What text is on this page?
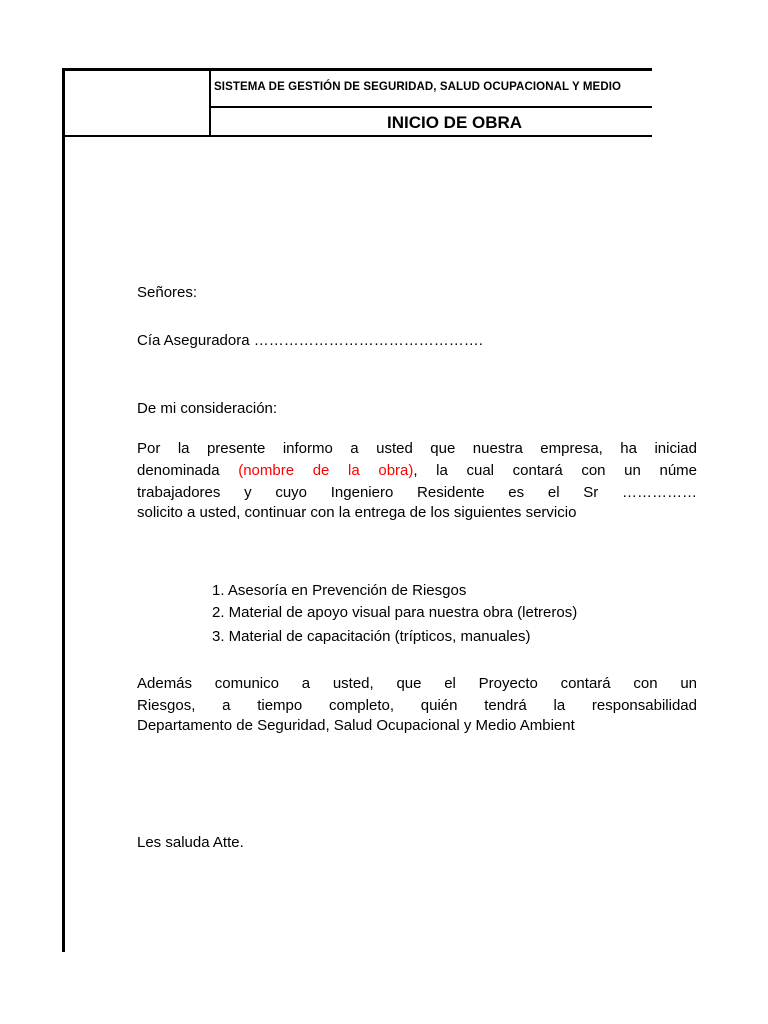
SISTEMA DE GESTIÓN DE SEGURIDAD, SALUD OCUPACIONAL Y MEDIO
INICIO DE OBRA
Señores:
Cía Aseguradora ……………………………………….
De mi consideración:
Por la presente informo a usted que nuestra empresa, ha iniciad
denominada (nombre de la obra), la cual contará con un núme
trabajadores y cuyo Ingeniero Residente es el Sr ……………
solicito a usted, continuar con la entrega de los siguientes servicio
1. Asesoría en Prevención de Riesgos
2. Material de apoyo visual para nuestra obra (letreros)
3. Material de capacitación (trípticos, manuales)
Además comunico a usted, que el Proyecto contará con un
Riesgos, a tiempo completo, quién tendrá la responsabilidad
Departamento de Seguridad, Salud Ocupacional y Medio Ambient
Les saluda Atte.
